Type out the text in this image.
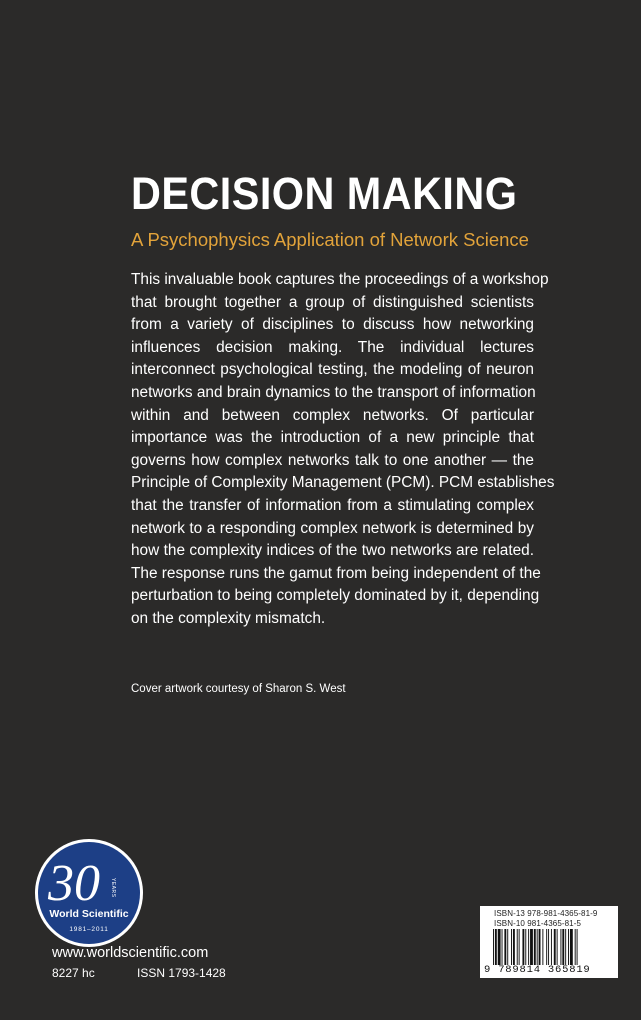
DECISION MAKING
A Psychophysics Application of Network Science
This invaluable book captures the proceedings of a workshop
that brought together a group of distinguished scientists
from a variety of disciplines to discuss how networking
influences decision making. The individual lectures
interconnect psychological testing, the modeling of neuron
networks and brain dynamics to the transport of information
within and between complex networks. Of particular
importance was the introduction of a new principle that
governs how complex networks talk to one another — the
Principle of Complexity Management (PCM). PCM establishes
that the transfer of information from a stimulating complex
network to a responding complex network is determined by
how the complexity indices of the two networks are related.
The response runs the gamut from being independent of the
perturbation to being completely dominated by it, depending
on the complexity mismatch.
Cover artwork courtesy of Sharon S. West
30 YEARS
World Scientific
1981–2011
www.worldscientific.com
8227 hc	ISSN 1793-1428
ISBN-13 978-981-4365-81-9
ISBN-10 981-4365-81-5
9 789814 365819
